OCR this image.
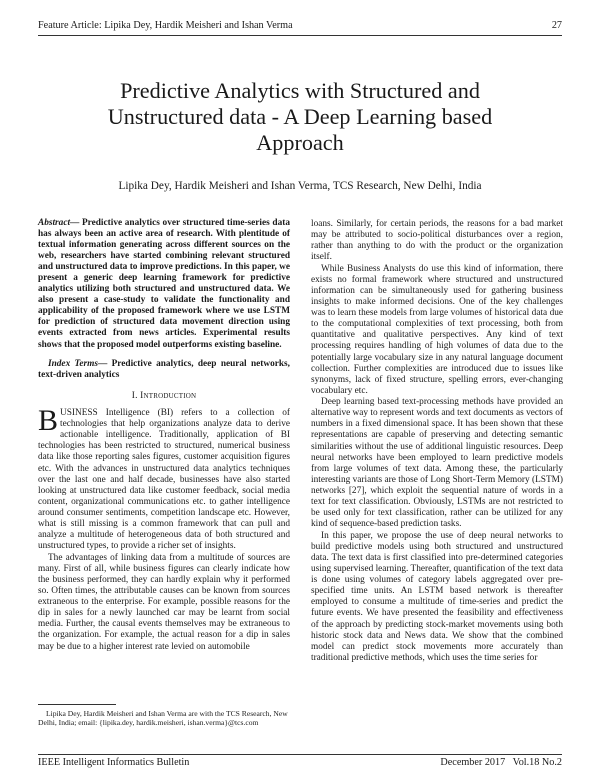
Feature Article: Lipika Dey, Hardik Meisheri and Ishan Verma	27
Predictive Analytics with Structured and
Unstructured data - A Deep Learning based
Approach
Lipika Dey, Hardik Meisheri and Ishan Verma, TCS Research, New Delhi, India

Abstract— Predictive analytics over structured time-series data has always been an active area of research. With plentitude of textual information generating across different sources on the web, researchers have started combining relevant structured and unstructured data to improve predictions. In this paper, we present a generic deep learning framework for predictive analytics utilizing both structured and unstructured data. We also present a case-study to validate the functionality and applicability of the proposed framework where we use LSTM for prediction of structured data movement direction using events extracted from news articles. Experimental results shows that the proposed model outperforms existing baseline.

Index Terms— Predictive analytics, deep neural networks, text-driven analytics

I. Introduction

BUSINESS Intelligence (BI) refers to a collection of technologies that help organizations analyze data to derive actionable intelligence. Traditionally, application of BI technologies has been restricted to structured, numerical business data like those reporting sales figures, customer acquisition figures etc. With the advances in unstructured data analytics techniques over the last one and half decade, businesses have also started looking at unstructured data like customer feedback, social media content, organizational communications etc. to gather intelligence around consumer sentiments, competition landscape etc. However, what is still missing is a common framework that can pull and analyze a multitude of heterogeneous data of both structured and unstructured types, to provide a richer set of insights.

The advantages of linking data from a multitude of sources are many. First of all, while business figures can clearly indicate how the business performed, they can hardly explain why it performed so. Often times, the attributable causes can be known from sources extraneous to the enterprise. For example, possible reasons for the dip in sales for a newly launched car may be learnt from social media. Further, the causal events themselves may be extraneous to the organization. For example, the actual reason for a dip in sales may be due to a higher interest rate levied on automobile

loans. Similarly, for certain periods, the reasons for a bad market may be attributed to socio-political disturbances over a region, rather than anything to do with the product or the organization itself.

While Business Analysts do use this kind of information, there exists no formal framework where structured and unstructured information can be simultaneously used for gathering business insights to make informed decisions. One of the key challenges was to learn these models from large volumes of historical data due to the computational complexities of text processing, both from quantitative and qualitative perspectives. Any kind of text processing requires handling of high volumes of data due to the potentially large vocabulary size in any natural language document collection. Further complexities are introduced due to issues like synonyms, lack of fixed structure, spelling errors, ever-changing vocabulary etc.

Deep learning based text-processing methods have provided an alternative way to represent words and text documents as vectors of numbers in a fixed dimensional space. It has been shown that these representations are capable of preserving and detecting semantic similarities without the use of additional linguistic resources. Deep neural networks have been employed to learn predictive models from large volumes of text data. Among these, the particularly interesting variants are those of Long Short-Term Memory (LSTM) networks [27], which exploit the sequential nature of words in a text for text classification. Obviously, LSTMs are not restricted to be used only for text classification, rather can be utilized for any kind of sequence-based prediction tasks.

In this paper, we propose the use of deep neural networks to build predictive models using both structured and unstructured data. The text data is first classified into pre-determined categories using supervised learning. Thereafter, quantification of the text data is done using volumes of category labels aggregated over pre-specified time units. An LSTM based network is thereafter employed to consume a multitude of time-series and predict the future events. We have presented the feasibility and effectiveness of the approach by predicting stock-market movements using both historic stock data and News data. We show that the combined model can predict stock movements more accurately than traditional predictive methods, which uses the time series for

Lipika Dey, Hardik Meisheri and Ishan Verma are with the TCS Research, New Delhi, India; email: {lipika.dey, hardik.meisheri, ishan.verma}@tcs.com

IEEE Intelligent Informatics Bulletin	December 2017   Vol.18 No.2
